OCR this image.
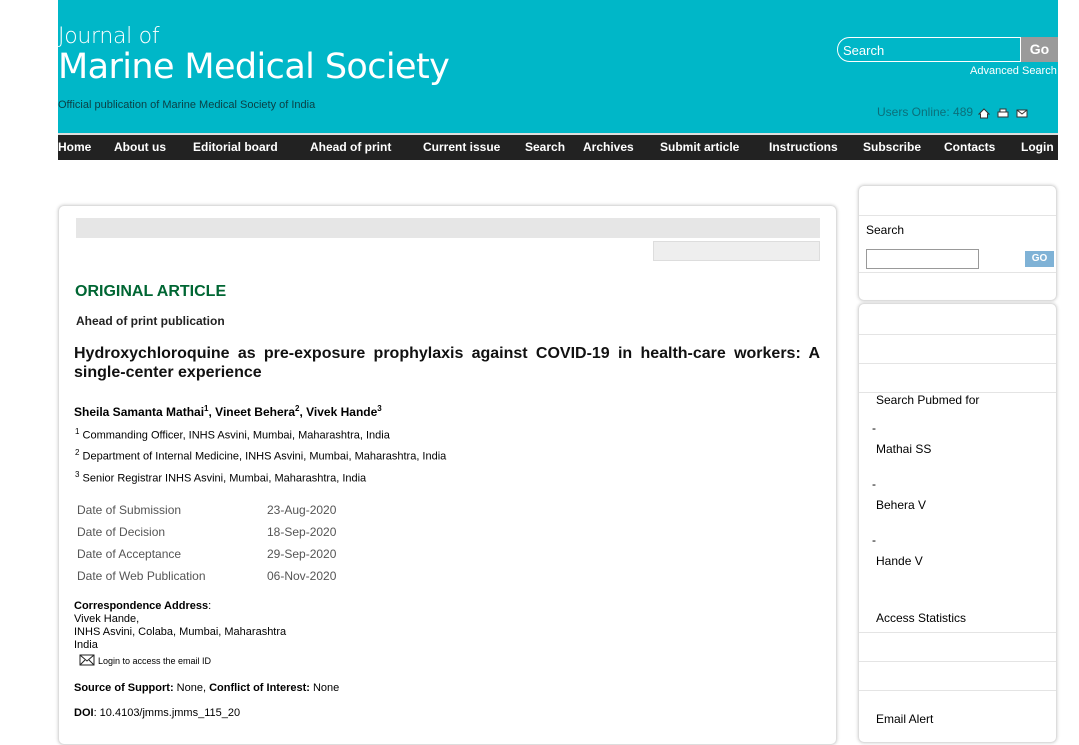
Journal of
Marine Medical Society
Official publication of Marine Medical Society of India
Search	Go
Advanced Search
Users Online: 489
Home About us Editorial board	Ahead of print	Current issue Search Archives Submit article Instructions Subscribe Contacts Login
ORIGINAL ARTICLE
Ahead of print publication
Hydroxychloroquine as pre-exposure prophylaxis against COVID-19 in health-care workers: A single-center experience
Sheila Samanta Mathai$^1$, Vineet Behera$^2$, Vivek Hande$^3$
$^1$ Commanding Officer, INHS Asvini, Mumbai, Maharashtra, India
$^2$ Department of Internal Medicine, INHS Asvini, Mumbai, Maharashtra, India
$^3$ Senior Registrar INHS Asvini, Mumbai, Maharashtra, India
Date of Submission	23-Aug-2020
Date of Decision	18-Sep-2020
Date of Acceptance	29-Sep-2020
Date of Web Publication	06-Nov-2020
Correspondence Address:
Vivek Hande,
INHS Asvini, Colaba, Mumbai, Maharashtra
India
Login to access the email ID
Source of Support: None, Conflict of Interest: None
DOI: 10.4103/jmms.jmms_115_20
Search
GO
Search Pubmed for
-
Mathai SS
-
Behera V
-
Hande V
Access Statistics
Email Alert
